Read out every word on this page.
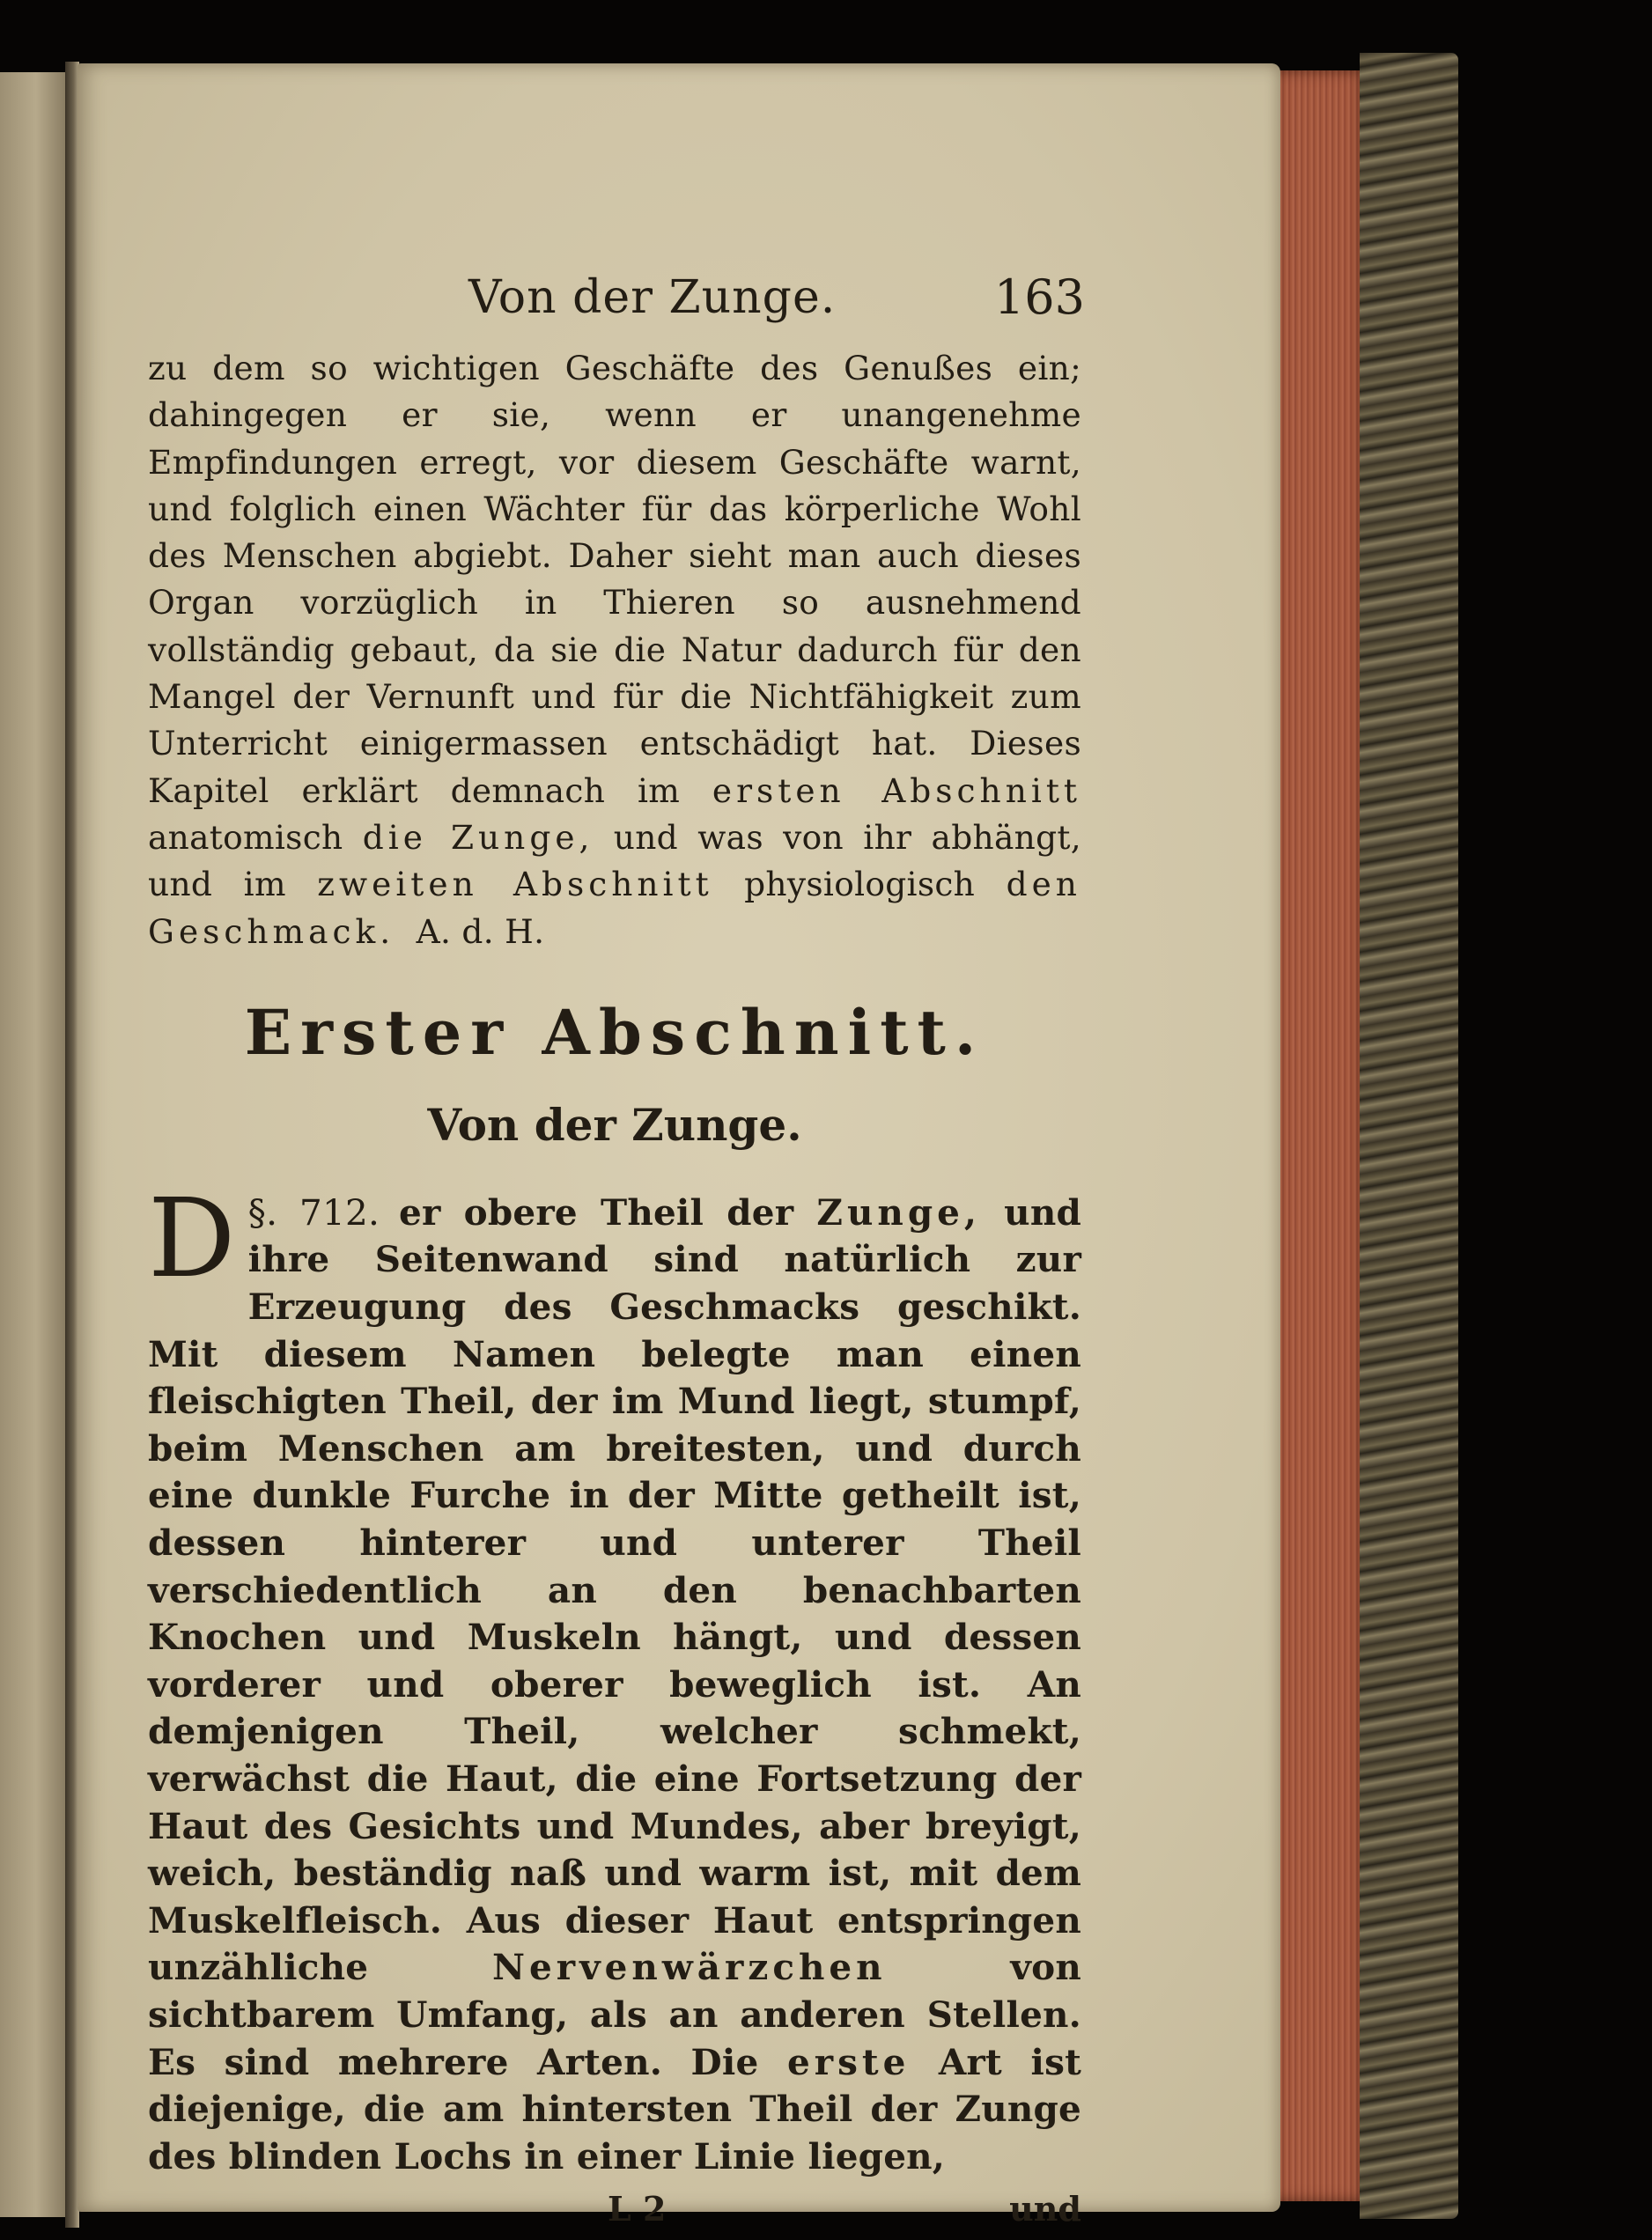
Von der Zunge.	163
zu dem so wichtigen Geschäfte des Genußes ein; dahingegen er sie, wenn er unangenehme Empfindungen erregt, vor diesem Geschäfte warnt, und folglich einen Wächter für das körperliche Wohl des Menschen abgiebt. Daher sieht man auch dieses Organ vorzüglich in Thieren so ausnehmend vollständig gebaut, da sie die Natur dadurch für den Mangel der Vernunft und für die Nichtfähigkeit zum Unterricht einigermassen entschädigt hat. Dieses Kapitel erklärt demnach im ersten Abschnitt anatomisch die Zunge, und was von ihr abhängt, und im zweiten Abschnitt physiologisch den Geschmack. A. d. H.
Erster Abschnitt.
Von der Zunge.
§. 712.
D	er obere Theil der Zunge, und ihre Seitenwand sind natürlich zur Erzeugung des Geschmacks geschikt. Mit diesem Namen belegte man einen fleischigten Theil, der im Mund liegt, stumpf, beim Menschen am breitesten, und durch eine dunkle Furche in der Mitte getheilt ist, dessen hinterer und unterer Theil verschiedentlich an den benachbarten Knochen und Muskeln hängt, und dessen vorderer und oberer beweglich ist. An demjenigen Theil, welcher schmekt, verwächst die Haut, die eine Fortsetzung der Haut des Gesichts und Mundes, aber breyigt, weich, beständig naß und warm ist, mit dem Muskelfleisch. Aus dieser Haut entspringen unzähliche	Nervenwärzchen	von sichtbarem Umfang, als an anderen Stellen. Es sind mehrere Arten. Die erste Art ist diejenige, die am hintersten Theil der Zunge des blinden Lochs in einer Linie liegen,
L 2	und
